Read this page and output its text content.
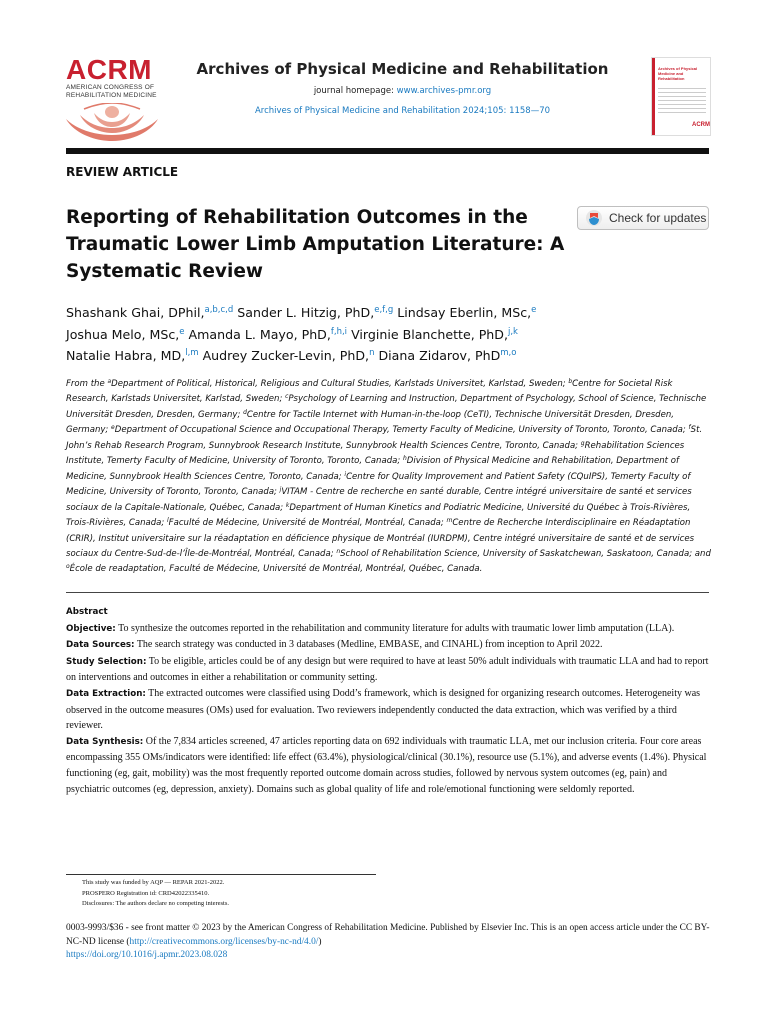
ACRM
AMERICAN CONGRESS OF REHABILITATION MEDICINE
Archives of Physical Medicine and Rehabilitation
journal homepage: www.archives-pmr.org
Archives of Physical Medicine and Rehabilitation 2024;105: 1158—70
Archives of Physical Medicine and Rehabilitation
ACRM
REVIEW ARTICLE
Reporting of Rehabilitation Outcomes in the Traumatic Lower Limb Amputation Literature: A Systematic Review
Check for updates
Shashank Ghai, DPhil,$^{a,b,c,d}$ Sander L. Hitzig, PhD,$^{e,f,g}$ Lindsay Eberlin, MSc,$^e$
Joshua Melo, MSc,$^e$ Amanda L. Mayo, PhD,$^{f,h,i}$ Virginie Blanchette, PhD,$^{j,k}$
Natalie Habra, MD,$^{l,m}$ Audrey Zucker-Levin, PhD,$^n$ Diana Zidarov, PhD$^{m,o}$
From the $^a$Department of Political, Historical, Religious and Cultural Studies, Karlstads Universitet, Karlstad, Sweden; $^b$Centre for Societal Risk Research, Karlstads Universitet, Karlstad, Sweden; $^c$Psychology of Learning and Instruction, Department of Psychology, School of Science, Technische Universität Dresden, Dresden, Germany; $^d$Centre for Tactile Internet with Human-in-the-loop (CeTI), Technische Universität Dresden, Dresden, Germany; $^e$Department of Occupational Science and Occupational Therapy, Temerty Faculty of Medicine, University of Toronto, Toronto, Canada; $^f$St. John’s Rehab Research Program, Sunnybrook Research Institute, Sunnybrook Health Sciences Centre, Toronto, Canada; $^g$Rehabilitation Sciences Institute, Temerty Faculty of Medicine, University of Toronto, Toronto, Canada; $^h$Division of Physical Medicine and Rehabilitation, Department of Medicine, Sunnybrook Health Sciences Centre, Toronto, Canada; $^i$Centre for Quality Improvement and Patient Safety (CQuIPS), Temerty Faculty of Medicine, University of Toronto, Toronto, Canada; $^j$VITAM - Centre de recherche en santé durable, Centre intégré universitaire de santé et services sociaux de la Capitale-Nationale, Québec, Canada; $^k$Department of Human Kinetics and Podiatric Medicine, Université du Québec à Trois-Rivières, Trois-Rivières, Canada; $^l$Faculté de Médecine, Université de Montréal, Montréal, Canada; $^m$Centre de Recherche Interdisciplinaire en Réadaptation (CRIR), Institut universitaire sur la réadaptation en déficience physique de Montréal (IURDPM), Centre intégré universitaire de santé et de services sociaux du Centre-Sud-de-l’Île-de-Montréal, Montréal, Canada; $^n$School of Rehabilitation Science, University of Saskatchewan, Saskatoon, Canada; and $^o$École de readaptation, Faculté de Médecine, Université de Montréal, Montréal, Québec, Canada.
Abstract

Objective: To synthesize the outcomes reported in the rehabilitation and community literature for adults with traumatic lower limb amputation (LLA).

Data Sources: The search strategy was conducted in 3 databases (Medline, EMBASE, and CINAHL) from inception to April 2022.

Study Selection: To be eligible, articles could be of any design but were required to have at least 50% adult individuals with traumatic LLA and had to report on interventions and outcomes in either a rehabilitation or community setting.

Data Extraction: The extracted outcomes were classified using Dodd’s framework, which is designed for organizing research outcomes. Heterogeneity was observed in the outcome measures (OMs) used for evaluation. Two reviewers independently conducted the data extraction, which was verified by a third reviewer.

Data Synthesis: Of the 7,834 articles screened, 47 articles reporting data on 692 individuals with traumatic LLA, met our inclusion criteria. Four core areas encompassing 355 OMs/indicators were identified: life effect (63.4%), physiological/clinical (30.1%), resource use (5.1%), and adverse events (1.4%). Physical functioning (eg, gait, mobility) was the most frequently reported outcome domain across studies, followed by nervous system outcomes (eg, pain) and psychiatric outcomes (eg, depression, anxiety). Domains such as global quality of life and role/emotional functioning were seldomly reported.

This study was funded by AQP — REPAR 2021-2022.
PROSPERO Registration id: CRD42022335410.
Disclosures: The authors declare no competing interests.
0003-9993/$36 - see front matter © 2023 by the American Congress of Rehabilitation Medicine. Published by Elsevier Inc. This is an open access article under the CC BY-NC-ND license (http://creativecommons.org/licenses/by-nc-nd/4.0/)
https://doi.org/10.1016/j.apmr.2023.08.028
